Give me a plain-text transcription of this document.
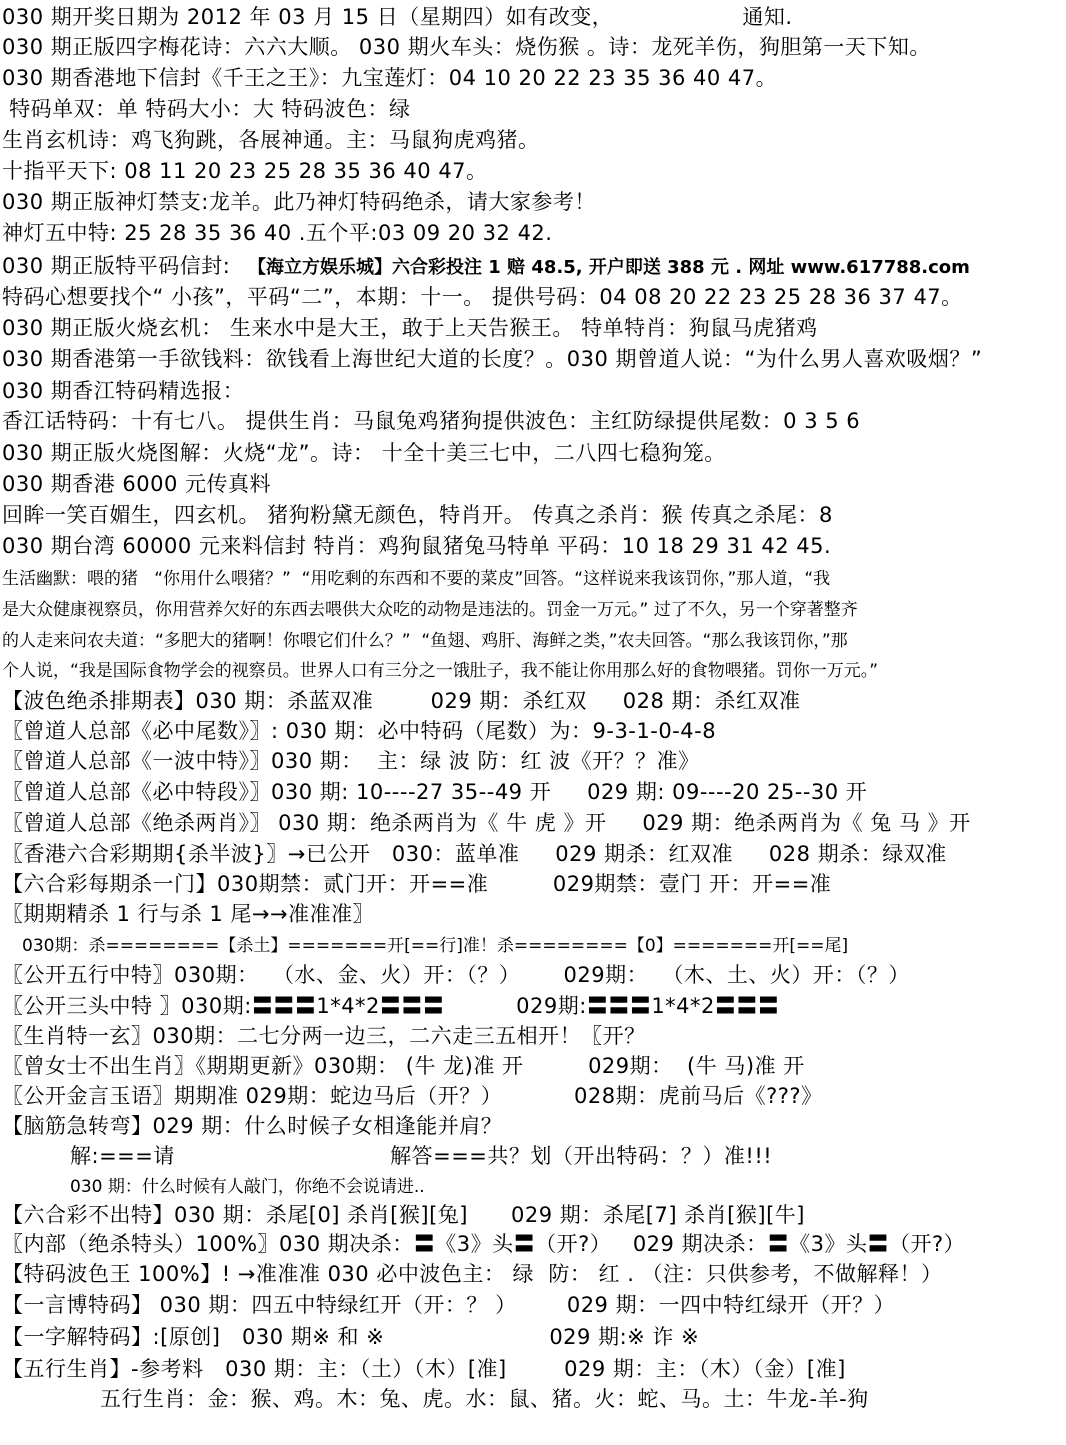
030 期开奖日期为 2012 年 03 月 15 日（星期四）如有改变，                  通知.
030 期正版四字梅花诗：六六大顺。 030 期火车头：烧伤猴 。诗：龙死羊伤，狗胆第一天下知。
030 期香港地下信封《千王之王》：九宝莲灯：04 10 20 22 23 35 36 40 47。
特码单双：单 特码大小：大 特码波色：绿
生肖玄机诗：鸡飞狗跳，各展神通。主：马鼠狗虎鸡猪。
十指平天下: 08 11 20 23 25 28 35 36 40 47。
030 期正版神灯禁支:龙羊。此乃神灯特码绝杀，请大家参考！
神灯五中特: 25 28 35 36 40 .五个平:03 09 20 32 42.
030 期正版特平码信封: 【海立方娱乐城】六合彩投注 1 赔 48.5, 开户即送 388 元 . 网址 www.617788.com
特码心想要找个“ 小孩”，平码“二”，本期：十一。 提供号码：04 08 20 22 23 25 28 36 37 47。
030 期正版火烧玄机： 生来水中是大王，敢于上天告猴王。 特单特肖：狗鼠马虎猪鸡
030 期香港第一手欲钱料：欲钱看上海世纪大道的长度？。030 期曾道人说：“为什么男人喜欢吸烟？”
030 期香江特码精选报：
香江话特码：十有七八。 提供生肖：马鼠兔鸡猪狗提供波色：主红防绿提供尾数：0 3 5 6
030 期正版火烧图解：火烧“龙”。诗： 十全十美三七中，二八四七稳狗笼。
030 期香港 6000 元传真料
回眸一笑百媚生，四玄机。 猪狗粉黛无颜色，特肖开。 传真之杀肖：猴 传真之杀尾：8
030 期台湾 60000 元来料信封 特肖：鸡狗鼠猪兔马特单 平码：10 18 29 31 42 45.
生活幽默：喂的猪   “你用什么喂猪？”  “用吃剩的东西和不要的菜皮”回答。“这样说来我该罚你，”那人道，“我
是大众健康视察员，你用营养欠好的东西去喂供大众吃的动物是违法的。罚金一万元。” 过了不久，另一个穿著整齐
的人走来问农夫道：“多肥大的猪啊！你喂它们什么？”  “鱼翅、鸡肝、海鲜之类，”农夫回答。“那么我该罚你，”那
个人说，“我是国际食物学会的视察员。世界人口有三分之一饿肚子，我不能让你用那么好的食物喂猪。罚你一万元。”
【波色绝杀排期表】030 期：杀蓝双准        029 期：杀红双     028 期：杀红双准
〖曾道人总部《必中尾数》〗: 030 期：必中特码（尾数）为：9-3-1-0-4-8
〖曾道人总部《一波中特》〗030 期：  主：绿 波 防：红 波《开？？准》
〖曾道人总部《必中特段》〗030 期: 10----27 35--49 开     029 期: 09----20 25--30 开
〖曾道人总部《绝杀两肖》〗 030 期：绝杀两肖为《 牛 虎 》开     029 期：绝杀两肖为《 兔 马 》开
〖香港六合彩期期{杀半波}〗→已公开   030：蓝单准     029 期杀：红双准     028 期杀：绿双准
【六合彩每期杀一门】030期禁：贰门开：开==准         029期禁：壹门 开：开==准
〖期期精杀 1 行与杀 1 尾→→准准准〗
030期：杀========【杀土】=======开[==行]准！杀========【0】=======开[==尾]
〖公开五行中特〗030期：  （水、金、火）开：（？）      029期：  （木、土、火）开：（？）
〖公开三头中特 〗030期:〓〓〓1*4*2〓〓〓          029期:〓〓〓1*4*2〓〓〓
〖生肖特一玄〗030期：二七分两一边三，二六走三五相开！〖开？
〖曾女士不出生肖〗《期期更新》030期： (牛 龙)准 开         029期：  (牛 马)准 开
〖公开金言玉语〗期期准 029期：蛇边马后（开？）          028期：虎前马后《???》
【脑筋急转弯】029 期：什么时候子女相逢能并肩？
解:===请                              解答===共？划（开出特码：？）准!!!
030 期：什么时候有人敲门，你绝不会说请进..
【六合彩不出特】030 期：杀尾[0] 杀肖[猴][兔]      029 期：杀尾[7] 杀肖[猴][牛]
〖内部（绝杀特头）100%〗030 期决杀：〓《3》头〓（开?）   029 期决杀：〓《3》头〓（开?）
【特码波色王 100%】! →准准准 030 必中波色主： 绿  防： 红 . （注：只供参考，不做解释！）
【一言博特码】 030 期：四五中特绿红开（开：？ ）       029 期：一四中特红绿开（开？）
【一字解特码】:[原创]   030 期※ 和 ※                       029 期:※ 诈 ※
【五行生肖】-参考料   030 期：主：（土）（木）[准]        029 期：主：（木）（金）[准]
五行生肖：金：猴、鸡。木：兔、虎。水：鼠、猪。火：蛇、马。土：牛龙-羊-狗
